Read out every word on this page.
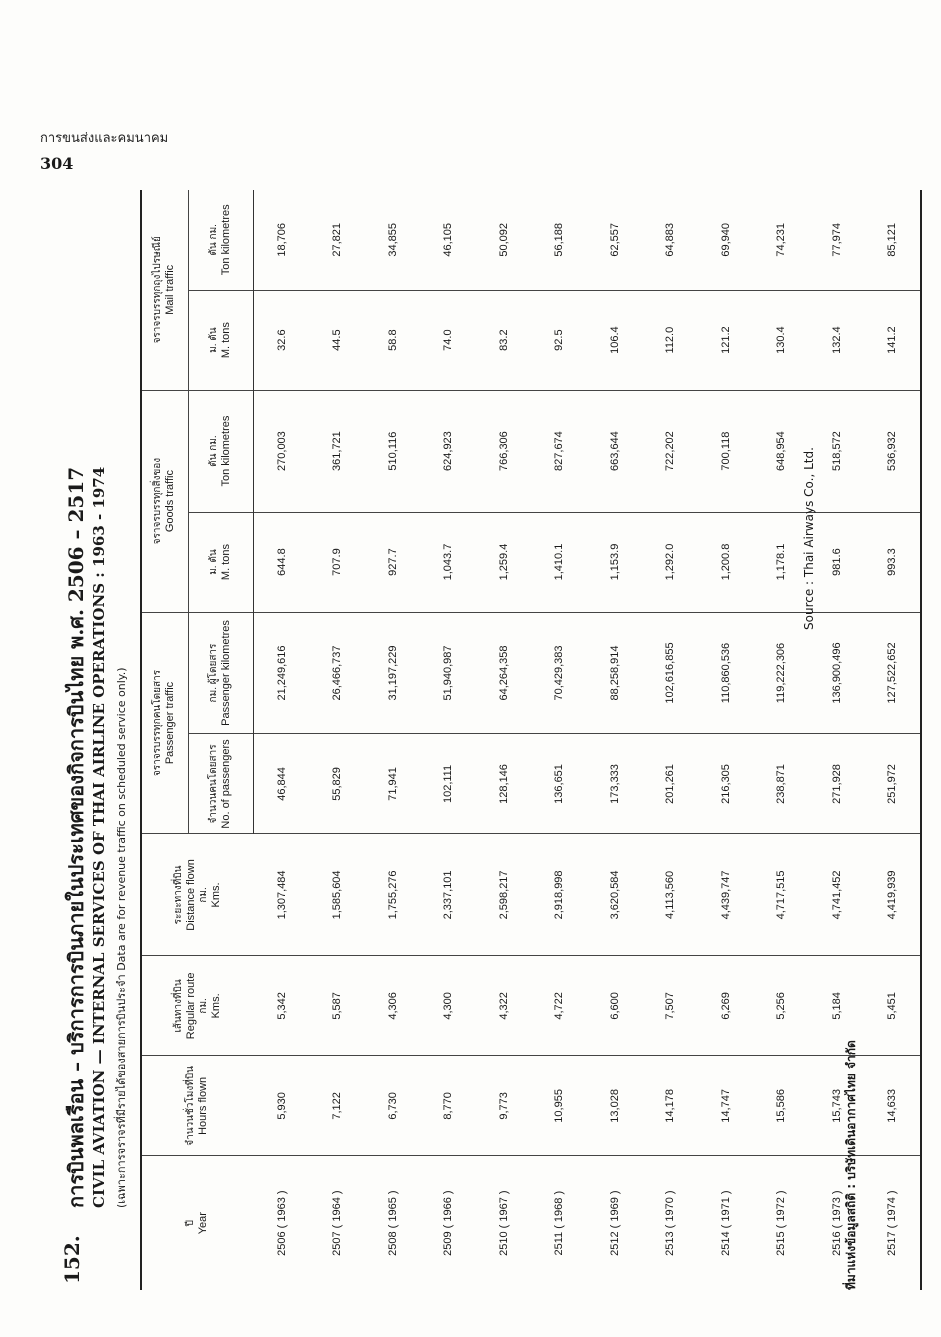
การขนส่งและคมนาคม
304
152.
การบินพลเรือน – บริการการบินภายในประเทศของกิจการบินไทย พ.ศ. 2506 – 2517 CIVIL AVIATION — INTERNAL SERVICES OF THAI AIRLINE OPERATIONS : 1963 - 1974 (เฉพาะการจราจรที่มีรายได้ของสายการบินประจำ Data are for revenue traffic on scheduled service only.)
ปี Year	จำนวนชั่วโมงที่บิน Hours flown	เส้นทางที่บิน Regular route กม. Kms.	ระยะทางที่บิน Distance flown กม. Kms.	จราจรบรรทุกคนโดยสาร Passenger traffic		จราจรบรรทุกสิ่งของ Goods traffic		จราจรบรรทุกถุงไปรษณีย์ Mail traffic	

				จำนวนคนโดยสาร No. of passengers	กม. ผู้โดยสาร Passenger kilometres	ม. ตัน M. tons	ตัน กม. Ton kilometres	ม. ตัน M. tons	ตัน กม. Ton kilometres

2506 ( 1963 )	5,930	5,342	1,307,484	46,844	21,249,616	644.8	270,003	32.6	18,706
2507 ( 1964 )	7,122	5,587	1,585,604	55,829	26,466,737	707.9	361,721	44.5	27,821
2508 ( 1965 )	6,730	4,306	1,755,276	71,941	31,197,229	927.7	510,116	58.8	34,855
2509 ( 1966 )	8,770	4,300	2,337,101	102,111	51,940,987	1,043.7	624,923	74.0	46,105
2510 ( 1967 )	9,773	4,322	2,598,217	128,146	64,264,358	1,259.4	766,306	83.2	50,092
2511 ( 1968 )	10,955	4,722	2,918,998	136,651	70,429,383	1,410.1	827,674	92.5	56,188
2512 ( 1969 )	13,028	6,600	3,620,584	173,333	88,258,914	1,153.9	663,644	106.4	62,557
2513 ( 1970 )	14,178	7,507	4,113,560	201,261	102,616,855	1,292.0	722,202	112.0	64,883
2514 ( 1971 )	14,747	6,269	4,439,747	216,305	110,860,536	1,200.8	700,118	121.2	69,940
2515 ( 1972 )	15,586	5,256	4,717,515	238,871	119,222,306	1,178.1	648,954	130.4	74,231
2516 ( 1973 )	15,743	5,184	4,741,452	271,928	136,900,496	981.6	518,572	132.4	77,974
2517 ( 1974 )	14,633	5,451	4,419,939	251,972	127,522,652	993.3	536,932	141.2	85,121
Source : Thai Airways Co., Ltd.
ที่มาแห่งข้อมูลสถิติ : บริษัทเดินอากาศไทย จำกัด
